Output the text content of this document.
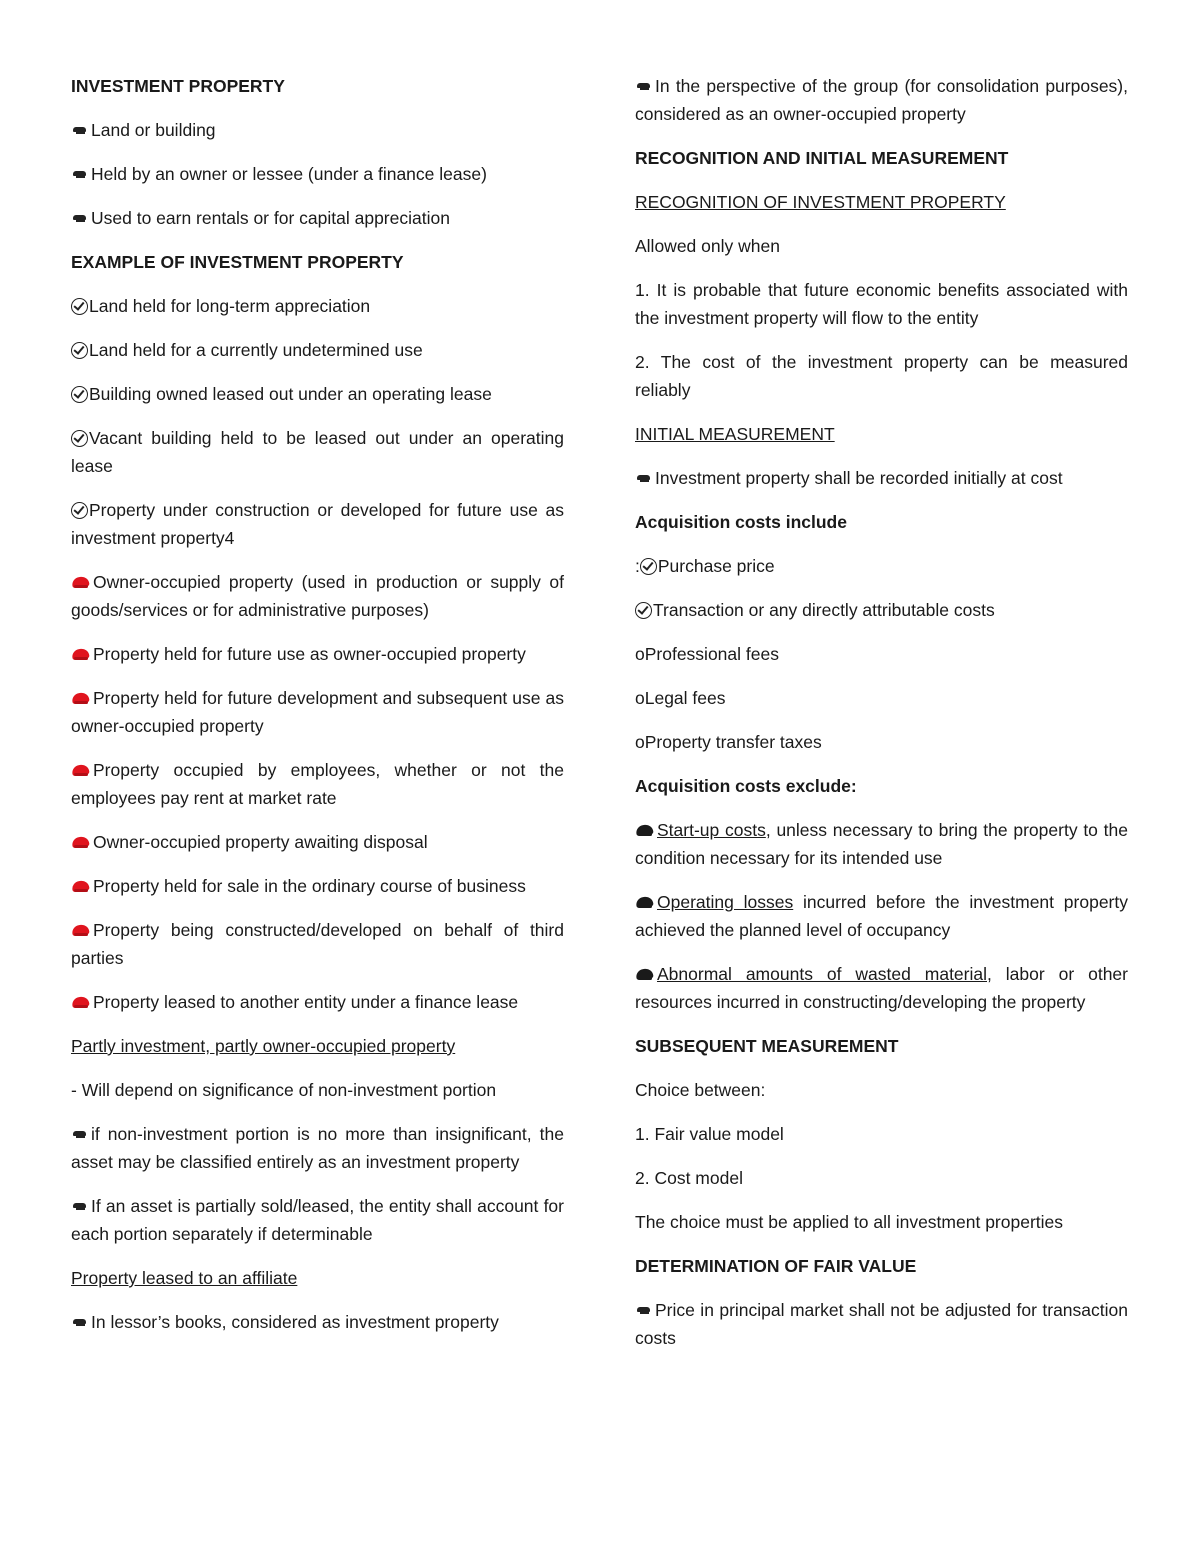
INVESTMENT PROPERTY

Land or building

Held by an owner or lessee (under a finance lease)

Used to earn rentals or for capital appreciation

EXAMPLE OF INVESTMENT PROPERTY

Land held for long-term appreciation

Land held for a currently undetermined use

Building owned leased out under an operating lease

Vacant building held to be leased out under an operating lease

Property under construction or developed for future use as investment property4

Owner-occupied property (used in production or supply of goods/services or for administrative purposes)

Property held for future use as owner-occupied property

Property held for future development and subsequent use as owner-occupied property

Property occupied by employees, whether or not the employees pay rent at market rate

Owner-occupied property awaiting disposal

Property held for sale in the ordinary course of business

Property being constructed/developed on behalf of third parties

Property leased to another entity under a finance lease

Partly investment, partly owner-occupied property

- Will depend on significance of non-investment portion

if non-investment portion is no more than insignificant, the asset may be classified entirely as an investment property

If an asset is partially sold/leased, the entity shall account for each portion separately if determinable

Property leased to an affiliate

In lessor’s books, considered as investment property

In the perspective of the group (for consolidation purposes), considered as an owner-occupied property

RECOGNITION AND INITIAL MEASUREMENT

RECOGNITION OF INVESTMENT PROPERTY

Allowed only when

1. It is probable that future economic benefits associated with the investment property will flow to the entity

2. The cost of the investment property can be measured reliably

INITIAL MEASUREMENT

Investment property shall be recorded initially at cost

Acquisition costs include

: Purchase price

Transaction or any directly attributable costs

oProfessional fees

oLegal fees

oProperty transfer taxes

Acquisition costs exclude:

Start-up costs, unless necessary to bring the property to the condition necessary for its intended use

Operating losses incurred before the investment property achieved the planned level of occupancy

Abnormal amounts of wasted material, labor or other resources incurred in constructing/developing the property

SUBSEQUENT MEASUREMENT

Choice between:

1. Fair value model

2. Cost model

The choice must be applied to all investment properties

DETERMINATION OF FAIR VALUE

Price in principal market shall not be adjusted for transaction costs
